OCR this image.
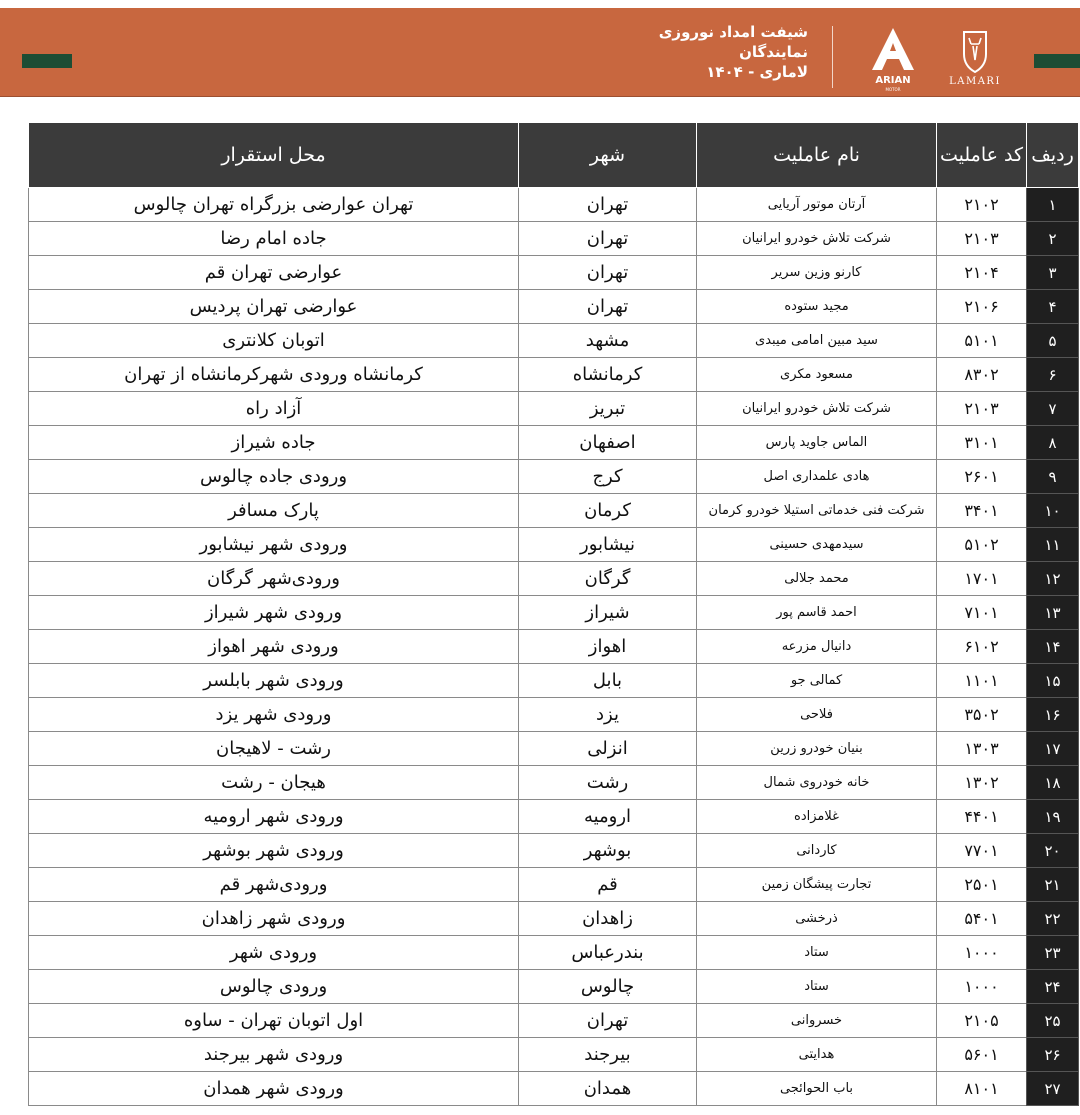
شیفت امداد نوروزی
نمایندگان
لاماری - ۱۴۰۴	ARIAN
MOTOR
LAMARI
ردیف	کد عاملیت	نام عاملیت	شهر	محل استقرار
۱	۲۱۰۲	آرتان موتور آریایی	تهران	تهران عوارضی بزرگراه تهران چالوس
۲	۲۱۰۳	شرکت تلاش خودرو ایرانیان	تهران	جاده امام رضا
۳	۲۱۰۴	کارنو وزین سریر	تهران	عوارضی تهران قم
۴	۲۱۰۶	مجید ستوده	تهران	عوارضی تهران پردیس
۵	۵۱۰۱	سید مبین امامی میبدی	مشهد	اتوبان کلانتری
۶	۸۳۰۲	مسعود مکری	کرمانشاه	کرمانشاه ورودی شهرکرمانشاه از تهران
۷	۲۱۰۳	شرکت تلاش خودرو ایرانیان	تبریز	آزاد راه
۸	۳۱۰۱	الماس جاوید پارس	اصفهان	جاده شیراز
۹	۲۶۰۱	هادی علمداری اصل	کرج	ورودی جاده چالوس
۱۰	۳۴۰۱	شرکت فنی خدماتی استیلا خودرو کرمان	کرمان	پارک مسافر
۱۱	۵۱۰۲	سیدمهدی حسینی	نیشابور	ورودی شهر نیشابور
۱۲	۱۷۰۱	محمد جلالی	گرگان	ورودی‌شهر گرگان
۱۳	۷۱۰۱	احمد قاسم پور	شیراز	ورودی شهر شیراز
۱۴	۶۱۰۲	دانیال مزرعه	اهواز	ورودی شهر اهواز
۱۵	۱۱۰۱	کمالی جو	بابل	ورودی شهر بابلسر
۱۶	۳۵۰۲	فلاحی	یزد	ورودی شهر یزد
۱۷	۱۳۰۳	بنیان خودرو زرین	انزلی	رشت - لاهیجان
۱۸	۱۳۰۲	خانه خودروی شمال	رشت	هیجان - رشت
۱۹	۴۴۰۱	غلامزاده	ارومیه	ورودی شهر ارومیه
۲۰	۷۷۰۱	کاردانی	بوشهر	ورودی شهر بوشهر
۲۱	۲۵۰۱	تجارت پیشگان زمین	قم	ورودی‌شهر قم
۲۲	۵۴۰۱	ذرخشی	زاهدان	ورودی شهر زاهدان
۲۳	۱۰۰۰	ستاد	بندرعباس	ورودی شهر
۲۴	۱۰۰۰	ستاد	چالوس	ورودی چالوس
۲۵	۲۱۰۵	خسروانی	تهران	اول اتوبان تهران - ساوه
۲۶	۵۶۰۱	هدایتی	بیرجند	ورودی شهر بیرجند
۲۷	۸۱۰۱	باب الحوائجی	همدان	ورودی شهر همدان
